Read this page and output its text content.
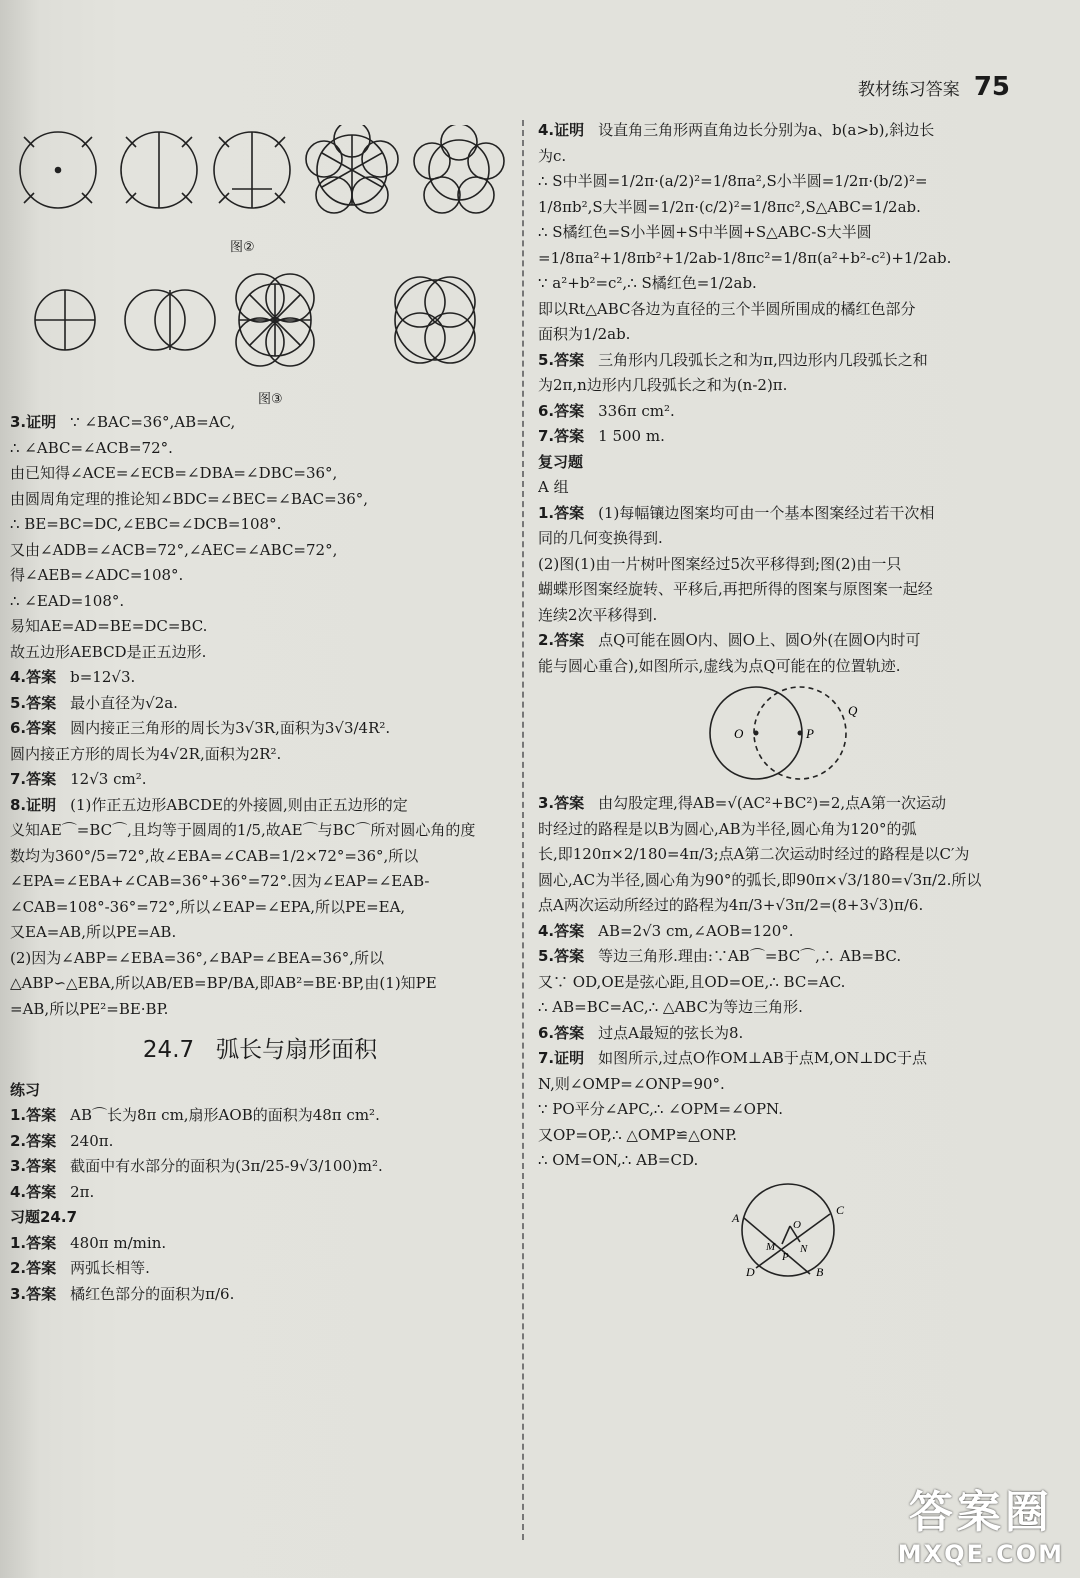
教材练习答案 75
图②
图③
3.证明 ∵ ∠BAC=36°,AB=AC,
∴ ∠ABC=∠ACB=72°.
由已知得∠ACE=∠ECB=∠DBA=∠DBC=36°,
由圆周角定理的推论知∠BDC=∠BEC=∠BAC=36°,
∴ BE=BC=DC,∠EBC=∠DCB=108°.
又由∠ADB=∠ACB=72°,∠AEC=∠ABC=72°,
得∠AEB=∠ADC=108°.
∴ ∠EAD=108°.
易知AE=AD=BE=DC=BC.
故五边形AEBCD是正五边形.
4.答案 b=12√3.
5.答案 最小直径为√2a.
6.答案 圆内接正三角形的周长为3√3R,面积为3√3/4R².
圆内接正方形的周长为4√2R,面积为2R².
7.答案 12√3 cm².
8.证明 (1)作正五边形ABCDE的外接圆,则由正五边形的定
义知AE⌒=BC⌒,且均等于圆周的1/5,故AE⌒与BC⌒所对圆心角的度
数均为360°/5=72°,故∠EBA=∠CAB=1/2×72°=36°,所以
∠EPA=∠EBA+∠CAB=36°+36°=72°.因为∠EAP=∠EAB-
∠CAB=108°-36°=72°,所以∠EAP=∠EPA,所以PE=EA,
又EA=AB,所以PE=AB.
(2)因为∠ABP=∠EBA=36°,∠BAP=∠BEA=36°,所以
△ABP∽△EBA,所以AB/EB=BP/BA,即AB²=BE·BP,由(1)知PE
=AB,所以PE²=BE·BP.
24.7 弧长与扇形面积
练习
1.答案 AB⌒长为8π cm,扇形AOB的面积为48π cm².
2.答案 240π.
3.答案 截面中有水部分的面积为(3π/25-9√3/100)m².
4.答案 2π.
习题24.7
1.答案 480π m/min.
2.答案 两弧长相等.
3.答案 橘红色部分的面积为π/6.
4.证明 设直角三角形两直角边长分别为a、b(a>b),斜边长
为c.
∴ S中半圆=1/2π·(a/2)²=1/8πa²,S小半圆=1/2π·(b/2)²=
1/8πb²,S大半圆=1/2π·(c/2)²=1/8πc²,S△ABC=1/2ab.
∴ S橘红色=S小半圆+S中半圆+S△ABC-S大半圆
=1/8πa²+1/8πb²+1/2ab-1/8πc²=1/8π(a²+b²-c²)+1/2ab.
∵ a²+b²=c²,∴ S橘红色=1/2ab.
即以Rt△ABC各边为直径的三个半圆所围成的橘红色部分
面积为1/2ab.
5.答案 三角形内几段弧长之和为π,四边形内几段弧长之和
为2π,n边形内几段弧长之和为(n-2)π.
6.答案 336π cm².
7.答案 1 500 m.
复习题
A 组
1.答案 (1)每幅镶边图案均可由一个基本图案经过若干次相
同的几何变换得到.
(2)图(1)由一片树叶图案经过5次平移得到;图(2)由一只
蝴蝶形图案经旋转、平移后,再把所得的图案与原图案一起经
连续2次平移得到.
2.答案 点Q可能在圆O内、圆O上、圆O外(在圆O内时可
能与圆心重合),如图所示,虚线为点Q可能在的位置轨迹.
O	P
Q
3.答案 由勾股定理,得AB=√(AC²+BC²)=2,点A第一次运动
时经过的路程是以B为圆心,AB为半径,圆心角为120°的弧
长,即120π×2/180=4π/3;点A第二次运动时经过的路程是以C′为
圆心,AC为半径,圆心角为90°的弧长,即90π×√3/180=√3π/2.所以
点A两次运动所经过的路程为4π/3+√3π/2=(8+3√3)π/6.
4.答案 AB=2√3 cm,∠AOB=120°.
5.答案 等边三角形.理由:∵AB⌒=BC⌒,∴ AB=BC.
又∵ OD,OE是弦心距,且OD=OE,∴ BC=AC.
∴ AB=BC=AC,∴ △ABC为等边三角形.
6.答案 过点A最短的弦长为8.
7.证明 如图所示,过点O作OM⊥AB于点M,ON⊥DC于点
N,则∠OMP=∠ONP=90°.
∵ PO平分∠APC,∴ ∠OPM=∠OPN.
又OP=OP,∴ △OMP≌△ONP.
∴ OM=ON,∴ AB=CD.
A
C
D	B
O
M N
P
答案圈
MXQE.COM
